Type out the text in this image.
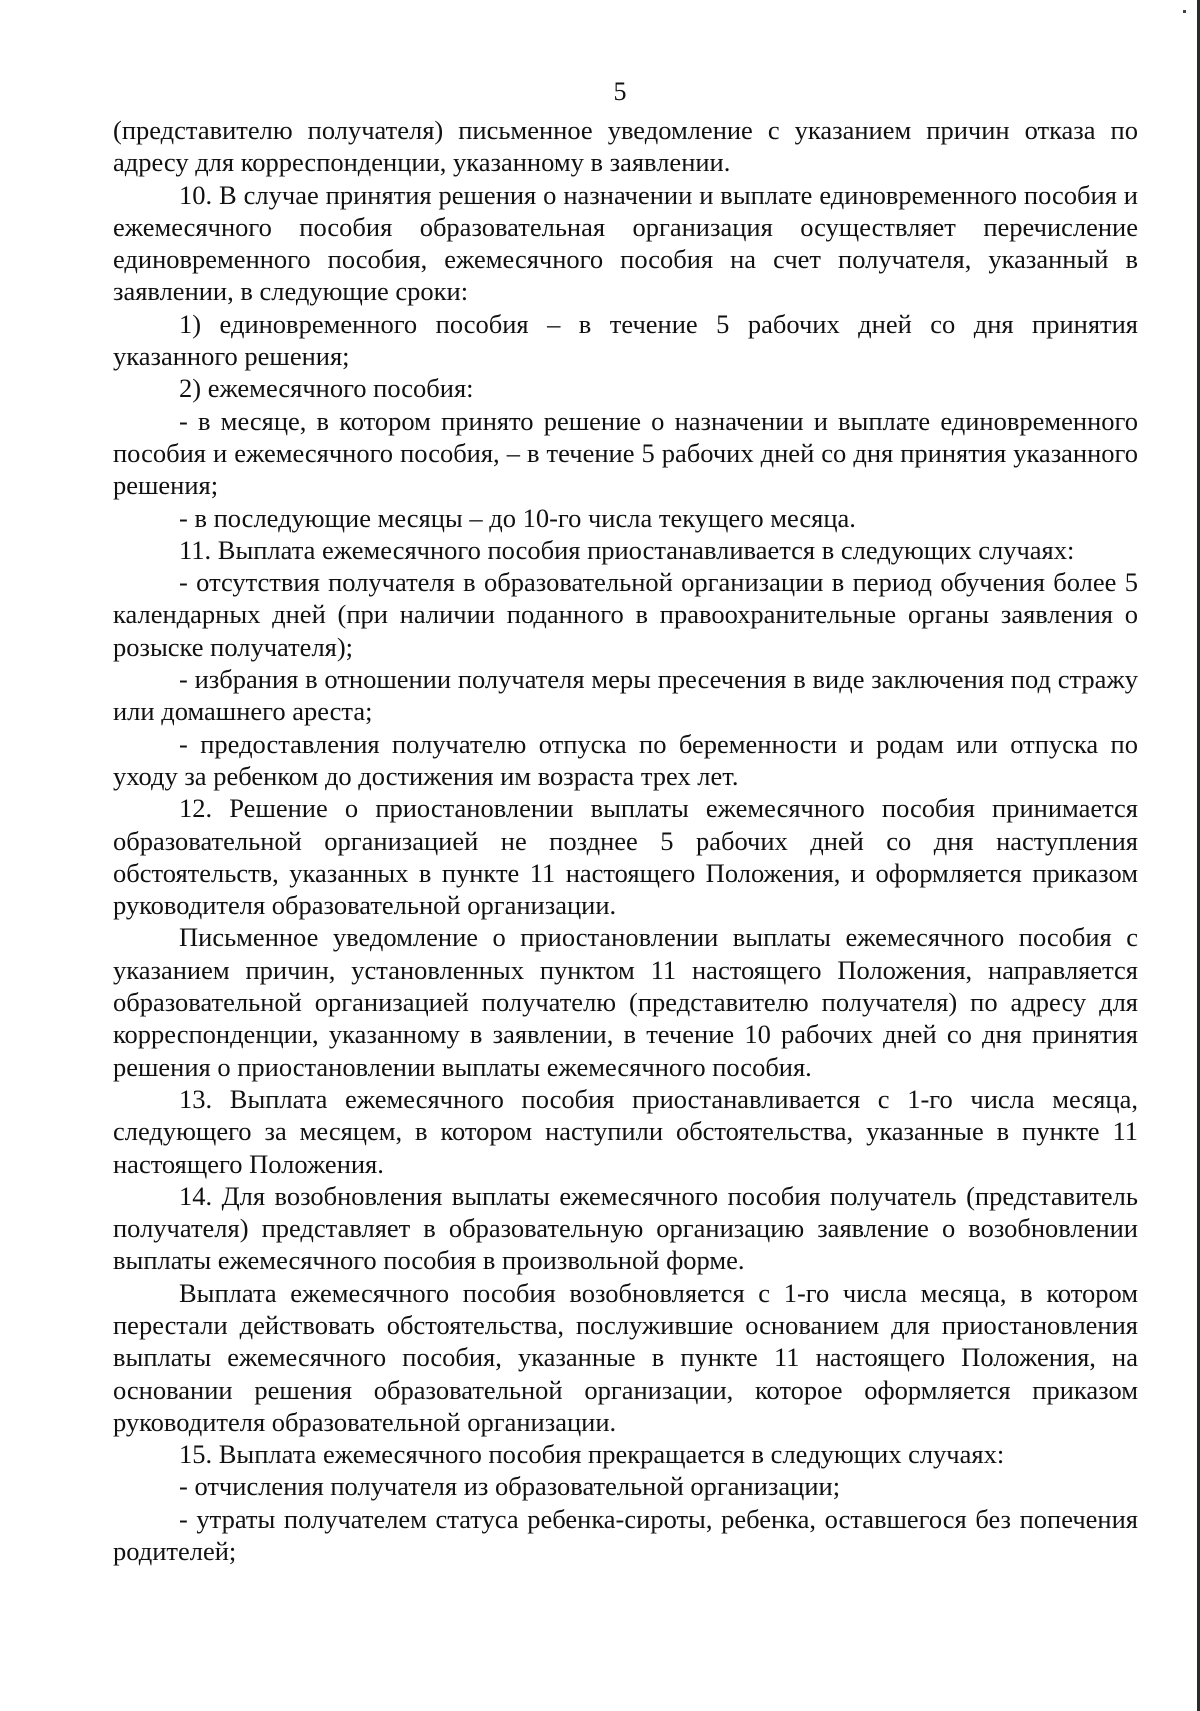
5

(представителю получателя) письменное уведомление с указанием причин отказа по адресу для корреспонденции, указанному в заявлении.

10. В случае принятия решения о назначении и выплате единовременного пособия и ежемесячного пособия образовательная организация осуществляет перечисление единовременного пособия, ежемесячного пособия на счет получателя, указанный в заявлении, в следующие сроки:

1) единовременного пособия – в течение 5 рабочих дней со дня принятия указанного решения;

2) ежемесячного пособия:

- в месяце, в котором принято решение о назначении и выплате единовременного пособия и ежемесячного пособия, – в течение 5 рабочих дней со дня принятия указанного решения;

- в последующие месяцы – до 10-го числа текущего месяца.

11. Выплата ежемесячного пособия приостанавливается в следующих случаях:

- отсутствия получателя в образовательной организации в период обучения более 5 календарных дней (при наличии поданного в правоохранительные органы заявления о розыске получателя);

- избрания в отношении получателя меры пресечения в виде заключения под стражу или домашнего ареста;

- предоставления получателю отпуска по беременности и родам или отпуска по уходу за ребенком до достижения им возраста трех лет.

12. Решение о приостановлении выплаты ежемесячного пособия принимается образовательной организацией не позднее 5 рабочих дней со дня наступления обстоятельств, указанных в пункте 11 настоящего Положения, и оформляется приказом руководителя образовательной организации.

Письменное уведомление о приостановлении выплаты ежемесячного пособия с указанием причин, установленных пунктом 11 настоящего Положения, направляется образовательной организацией получателю (представителю получателя) по адресу для корреспонденции, указанному в заявлении, в течение 10 рабочих дней со дня принятия решения о приостановлении выплаты ежемесячного пособия.

13. Выплата ежемесячного пособия приостанавливается с 1-го числа месяца, следующего за месяцем, в котором наступили обстоятельства, указанные в пункте 11 настоящего Положения.

14. Для возобновления выплаты ежемесячного пособия получатель (представитель получателя) представляет в образовательную организацию заявление о возобновлении выплаты ежемесячного пособия в произвольной форме.

Выплата ежемесячного пособия возобновляется с 1-го числа месяца, в котором перестали действовать обстоятельства, послужившие основанием для приостановления выплаты ежемесячного пособия, указанные в пункте 11 настоящего Положения, на основании решения образовательной организации, которое оформляется приказом руководителя образовательной организации.

15. Выплата ежемесячного пособия прекращается в следующих случаях:

- отчисления получателя из образовательной организации;

- утраты получателем статуса ребенка-сироты, ребенка, оставшегося без попечения родителей;
